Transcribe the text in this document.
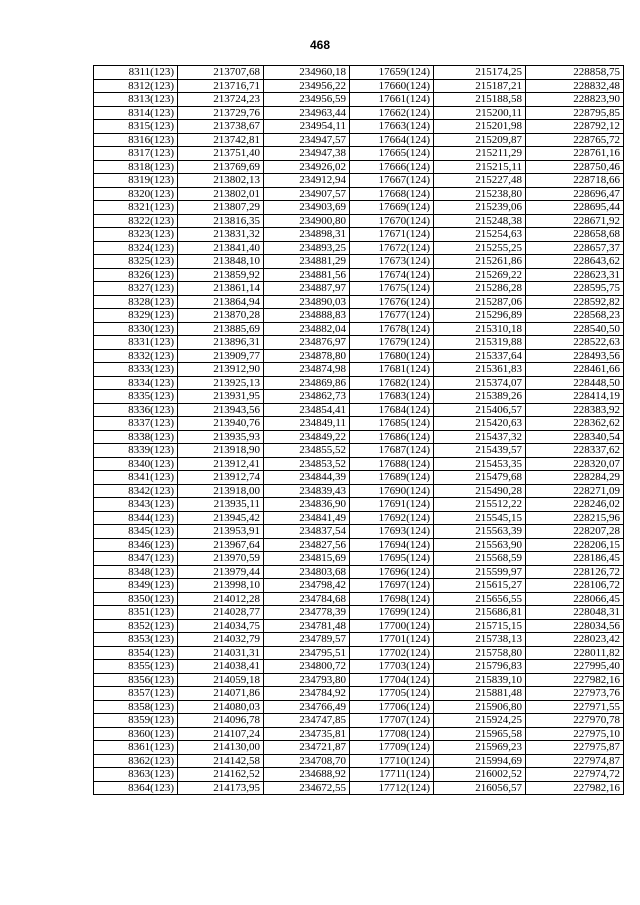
468
8311(123)	213707,68	234960,18	17659(124)	215174,25	228858,75
8312(123)	213716,71	234956,22	17660(124)	215187,21	228832,48
8313(123)	213724,23	234956,59	17661(124)	215188,58	228823,90
8314(123)	213729,76	234963,44	17662(124)	215200,11	228795,85
8315(123)	213738,67	234954,11	17663(124)	215201,98	228792,12
8316(123)	213742,81	234947,57	17664(124)	215209,87	228765,72
8317(123)	213751,40	234947,38	17665(124)	215211,29	228761,16
8318(123)	213769,69	234926,02	17666(124)	215215,11	228750,46
8319(123)	213802,13	234912,94	17667(124)	215227,48	228718,66
8320(123)	213802,01	234907,57	17668(124)	215238,80	228696,47
8321(123)	213807,29	234903,69	17669(124)	215239,06	228695,44
8322(123)	213816,35	234900,80	17670(124)	215248,38	228671,92
8323(123)	213831,32	234898,31	17671(124)	215254,63	228658,68
8324(123)	213841,40	234893,25	17672(124)	215255,25	228657,37
8325(123)	213848,10	234881,29	17673(124)	215261,86	228643,62
8326(123)	213859,92	234881,56	17674(124)	215269,22	228623,31
8327(123)	213861,14	234887,97	17675(124)	215286,28	228595,75
8328(123)	213864,94	234890,03	17676(124)	215287,06	228592,82
8329(123)	213870,28	234888,83	17677(124)	215296,89	228568,23
8330(123)	213885,69	234882,04	17678(124)	215310,18	228540,50
8331(123)	213896,31	234876,97	17679(124)	215319,88	228522,63
8332(123)	213909,77	234878,80	17680(124)	215337,64	228493,56
8333(123)	213912,90	234874,98	17681(124)	215361,83	228461,66
8334(123)	213925,13	234869,86	17682(124)	215374,07	228448,50
8335(123)	213931,95	234862,73	17683(124)	215389,26	228414,19
8336(123)	213943,56	234854,41	17684(124)	215406,57	228383,92
8337(123)	213940,76	234849,11	17685(124)	215420,63	228362,62
8338(123)	213935,93	234849,22	17686(124)	215437,32	228340,54
8339(123)	213918,90	234855,52	17687(124)	215439,57	228337,62
8340(123)	213912,41	234853,52	17688(124)	215453,35	228320,07
8341(123)	213912,74	234844,39	17689(124)	215479,68	228284,29
8342(123)	213918,00	234839,43	17690(124)	215490,28	228271,09
8343(123)	213935,11	234836,90	17691(124)	215512,22	228246,02
8344(123)	213945,42	234841,49	17692(124)	215545,15	228215,96
8345(123)	213953,91	234837,54	17693(124)	215563,39	228207,28
8346(123)	213967,64	234827,56	17694(124)	215563,90	228206,15
8347(123)	213970,59	234815,69	17695(124)	215568,59	228186,45
8348(123)	213979,44	234803,68	17696(124)	215599,97	228126,72
8349(123)	213998,10	234798,42	17697(124)	215615,27	228106,72
8350(123)	214012,28	234784,68	17698(124)	215656,55	228066,45
8351(123)	214028,77	234778,39	17699(124)	215686,81	228048,31
8352(123)	214034,75	234781,48	17700(124)	215715,15	228034,56
8353(123)	214032,79	234789,57	17701(124)	215738,13	228023,42
8354(123)	214031,31	234795,51	17702(124)	215758,80	228011,82
8355(123)	214038,41	234800,72	17703(124)	215796,83	227995,40
8356(123)	214059,18	234793,80	17704(124)	215839,10	227982,16
8357(123)	214071,86	234784,92	17705(124)	215881,48	227973,76
8358(123)	214080,03	234766,49	17706(124)	215906,80	227971,55
8359(123)	214096,78	234747,85	17707(124)	215924,25	227970,78
8360(123)	214107,24	234735,81	17708(124)	215965,58	227975,10
8361(123)	214130,00	234721,87	17709(124)	215969,23	227975,87
8362(123)	214142,58	234708,70	17710(124)	215994,69	227974,87
8363(123)	214162,52	234688,92	17711(124)	216002,52	227974,72
8364(123)	214173,95	234672,55	17712(124)	216056,57	227982,16
